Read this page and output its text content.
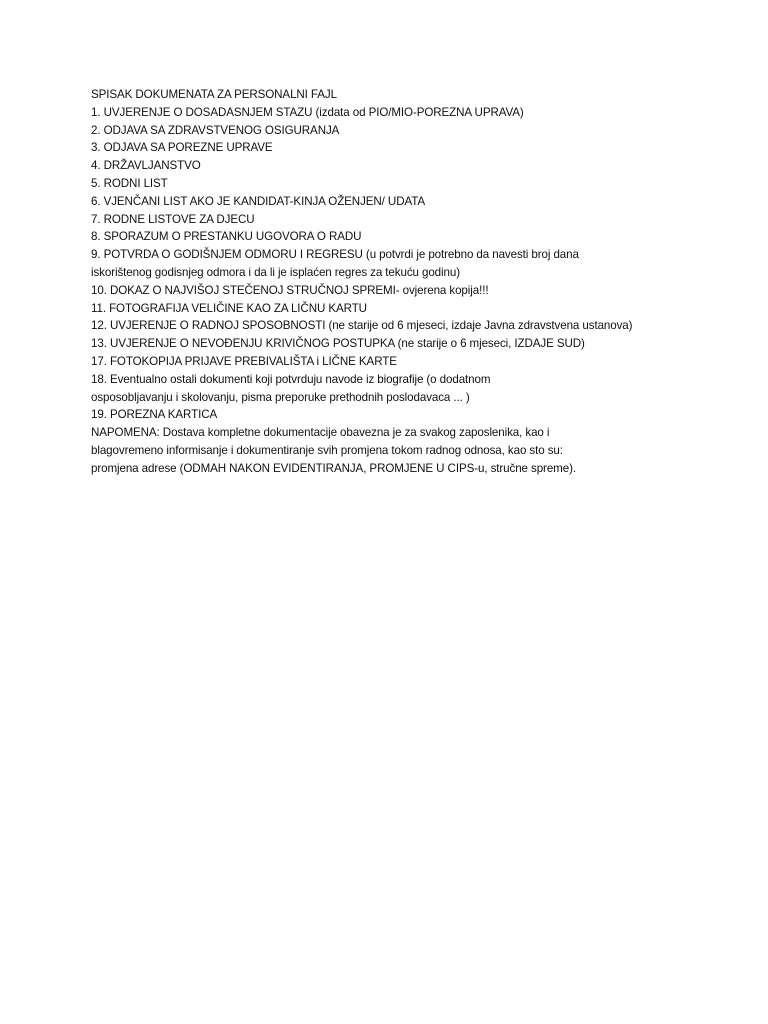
SPISAK DOKUMENATA ZA PERSONALNI FAJL

1. UVJERENJE O DOSADASNJEM STAZU (izdata od PIO/MIO-POREZNA UPRAVA)

2. ODJAVA SA ZDRAVSTVENOG OSIGURANJA

3. ODJAVA SA POREZNE UPRAVE

4. DRŽAVLJANSTVO

5. RODNI LIST

6. VJENČANI LIST AKO JE KANDIDAT-KINJA OŽENJEN/ UDATA

7. RODNE LISTOVE ZA DJECU

8. SPORAZUM O PRESTANKU UGOVORA O RADU

9. POTVRDA O GODIŠNJEM ODMORU I REGRESU (u potvrdi je potrebno da navesti broj dana

iskorištenog godisnjeg odmora i da li je isplaćen regres za tekuću godinu)

10. DOKAZ O NAJVIŠOJ STEČENOJ STRUČNOJ SPREMI- ovjerena kopija!!!

11. FOTOGRAFIJA VELIČINE KAO ZA LIČNU KARTU

12. UVJERENJE O RADNOJ SPOSOBNOSTI (ne starije od 6 mjeseci, izdaje Javna zdravstvena ustanova)

13. UVJERENJE O NEVOĐENJU KRIVIČNOG POSTUPKA (ne starije o 6 mjeseci, IZDAJE SUD)

17. FOTOKOPIJA PRIJAVE PREBIVALIŠTA i LIČNE KARTE

18. Eventualno ostali dokumenti koji potvrduju navode iz biografije (o dodatnom

osposobljavanju i skolovanju, pisma preporuke prethodnih poslodavaca ... )

19. POREZNA KARTICA

NAPOMENA: Dostava kompletne dokumentacije obavezna je za svakog zaposlenika, kao i

blagovremeno informisanje i dokumentiranje svih promjena tokom radnog odnosa, kao sto su:

promjena adrese (ODMAH NAKON EVIDENTIRANJA, PROMJENE U CIPS-u, stručne spreme).
